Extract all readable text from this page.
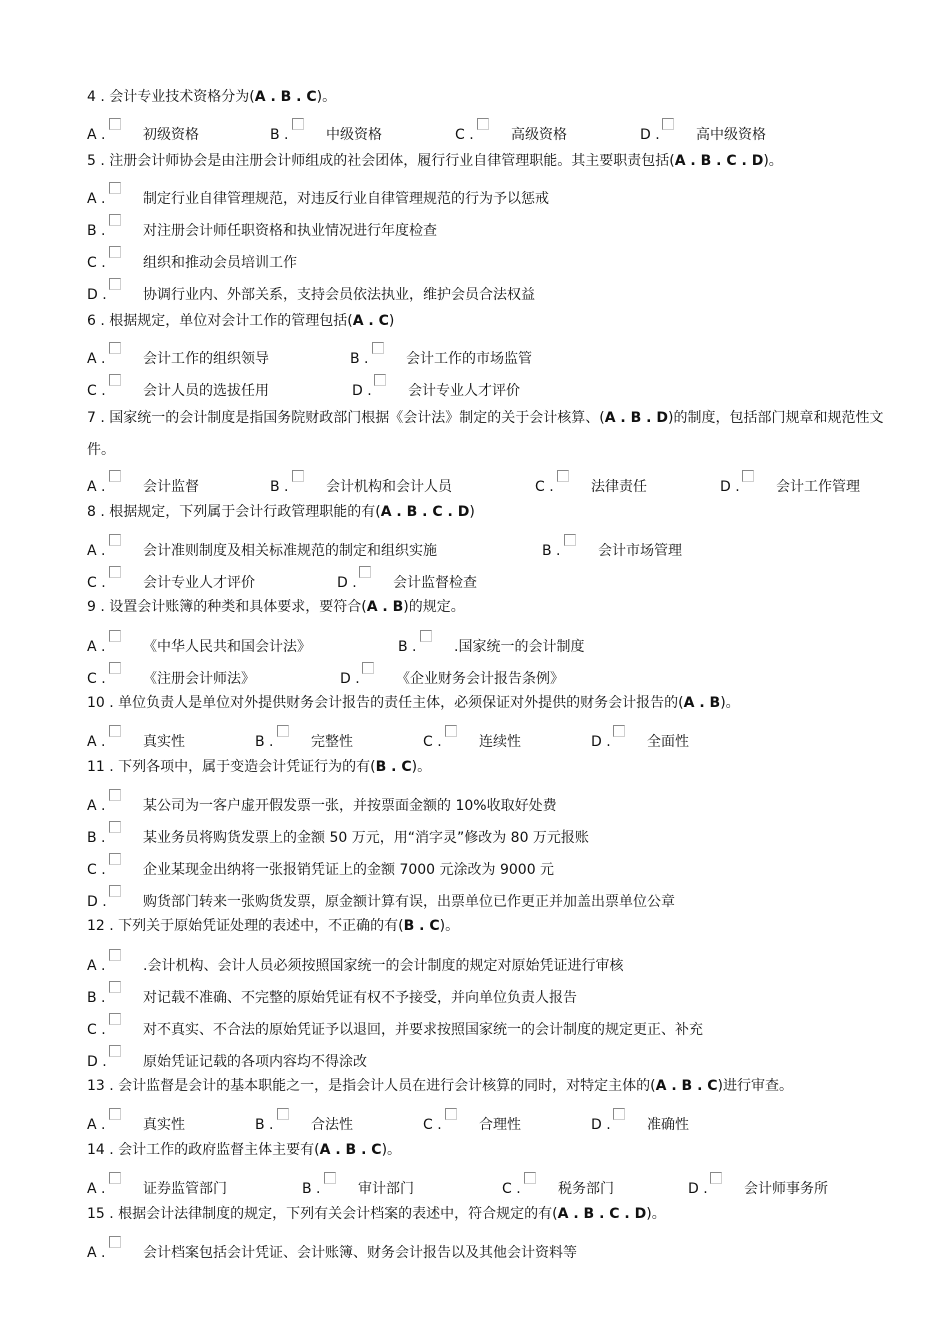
4 . 会计专业技术资格分为(A . B . C)。
A .	初级资格	B .	中级资格	C .	高级资格	D .	高中级资格
5 . 注册会计师协会是由注册会计师组成的社会团体，履行行业自律管理职能。其主要职责包括(A . B . C . D)。
A .	制定行业自律管理规范，对违反行业自律管理规范的行为予以惩戒
B .	对注册会计师任职资格和执业情况进行年度检查
C .	组织和推动会员培训工作
D .	协调行业内、外部关系，支持会员依法执业，维护会员合法权益
6 . 根据规定，单位对会计工作的管理包括(A . C)
A .	会计工作的组织领导	B .	会计工作的市场监管
C .	会计人员的选拔任用	D .	会计专业人才评价
7 . 国家统一的会计制度是指国务院财政部门根据《会计法》制定的关于会计核算、(A . B . D)的制度，包括部门规章和规范性文件。
A .	会计监督	B .	会计机构和会计人员	C .	法律责任	D .	会计工作管理
8 . 根据规定，下列属于会计行政管理职能的有(A . B . C . D)
A .	会计准则制度及相关标准规范的制定和组织实施	B .	会计市场管理
C .	会计专业人才评价	D .	会计监督检查
9 . 设置会计账簿的种类和具体要求，要符合(A . B)的规定。
A .	《中华人民共和国会计法》	B .	.国家统一的会计制度
C .	《注册会计师法》	D .	《企业财务会计报告条例》
10 . 单位负责人是单位对外提供财务会计报告的责任主体，必须保证对外提供的财务会计报告的(A . B)。
A .	真实性	B .	完整性	C .	连续性	D .	全面性
11 . 下列各项中，属于变造会计凭证行为的有(B . C)。
A .	某公司为一客户虚开假发票一张，并按票面金额的 10%收取好处费
B .	某业务员将购货发票上的金额 50 万元，用“消字灵”修改为 80 万元报账
C .	企业某现金出纳将一张报销凭证上的金额 7000 元涂改为 9000 元
D .	购货部门转来一张购货发票，原金额计算有误，出票单位已作更正并加盖出票单位公章
12 . 下列关于原始凭证处理的表述中，不正确的有(B . C)。
A .	.会计机构、会计人员必须按照国家统一的会计制度的规定对原始凭证进行审核
B .	对记载不准确、不完整的原始凭证有权不予接受，并向单位负责人报告
C .	对不真实、不合法的原始凭证予以退回，并要求按照国家统一的会计制度的规定更正、补充
D .	原始凭证记载的各项内容均不得涂改
13 . 会计监督是会计的基本职能之一，是指会计人员在进行会计核算的同时，对特定主体的(A . B . C)进行审查。
A .	真实性	B .	合法性	C .	合理性	D .	准确性
14 . 会计工作的政府监督主体主要有(A . B . C)。
A .	证券监管部门	B .	审计部门	C .	税务部门	D .	会计师事务所
15 . 根据会计法律制度的规定，下列有关会计档案的表述中，符合规定的有(A . B . C . D)。
A .	会计档案包括会计凭证、会计账簿、财务会计报告以及其他会计资料等
